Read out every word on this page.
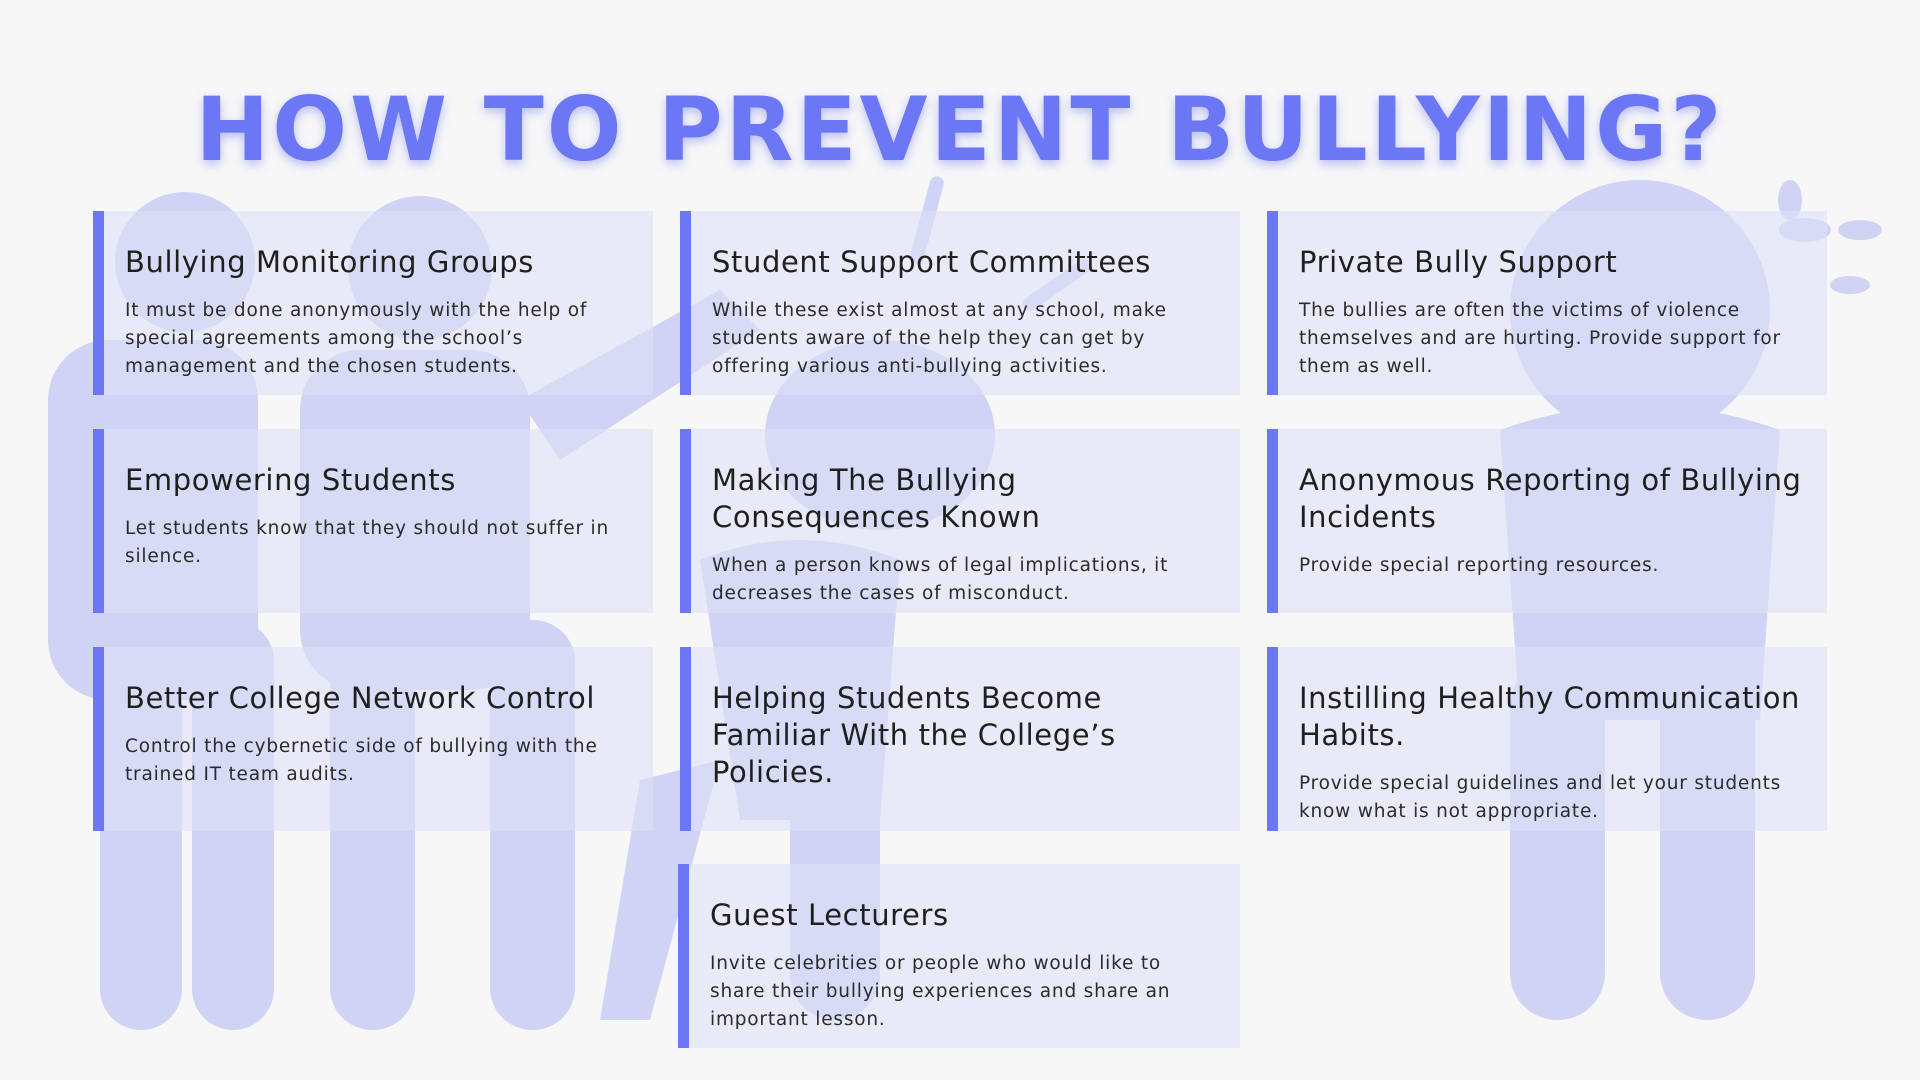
HOW TO PREVENT BULLYING?
Bullying Monitoring Groups

It must be done anonymously with the help of special agreements among the school’s management and the chosen students.

Student Support Committees

While these exist almost at any school, make students aware of the help they can get by offering various anti-bullying activities.

Private Bully Support

The bullies are often the victims of violence themselves and are hurting. Provide support for them as well.

Empowering Students

Let students know that they should not suffer in silence.

Making The Bullying Consequences Known

When a person knows of legal implications, it decreases the cases of misconduct.

Anonymous Reporting of Bullying Incidents

Provide special reporting resources.

Better College Network Control

Control the cybernetic side of bullying with the trained IT team audits.

Helping Students Become Familiar With the College’s Policies.

Instilling Healthy Communication Habits.

Provide special guidelines and let your students know what is not appropriate.

Guest Lecturers

Invite celebrities or people who would like to share their bullying experiences and share an important lesson.
